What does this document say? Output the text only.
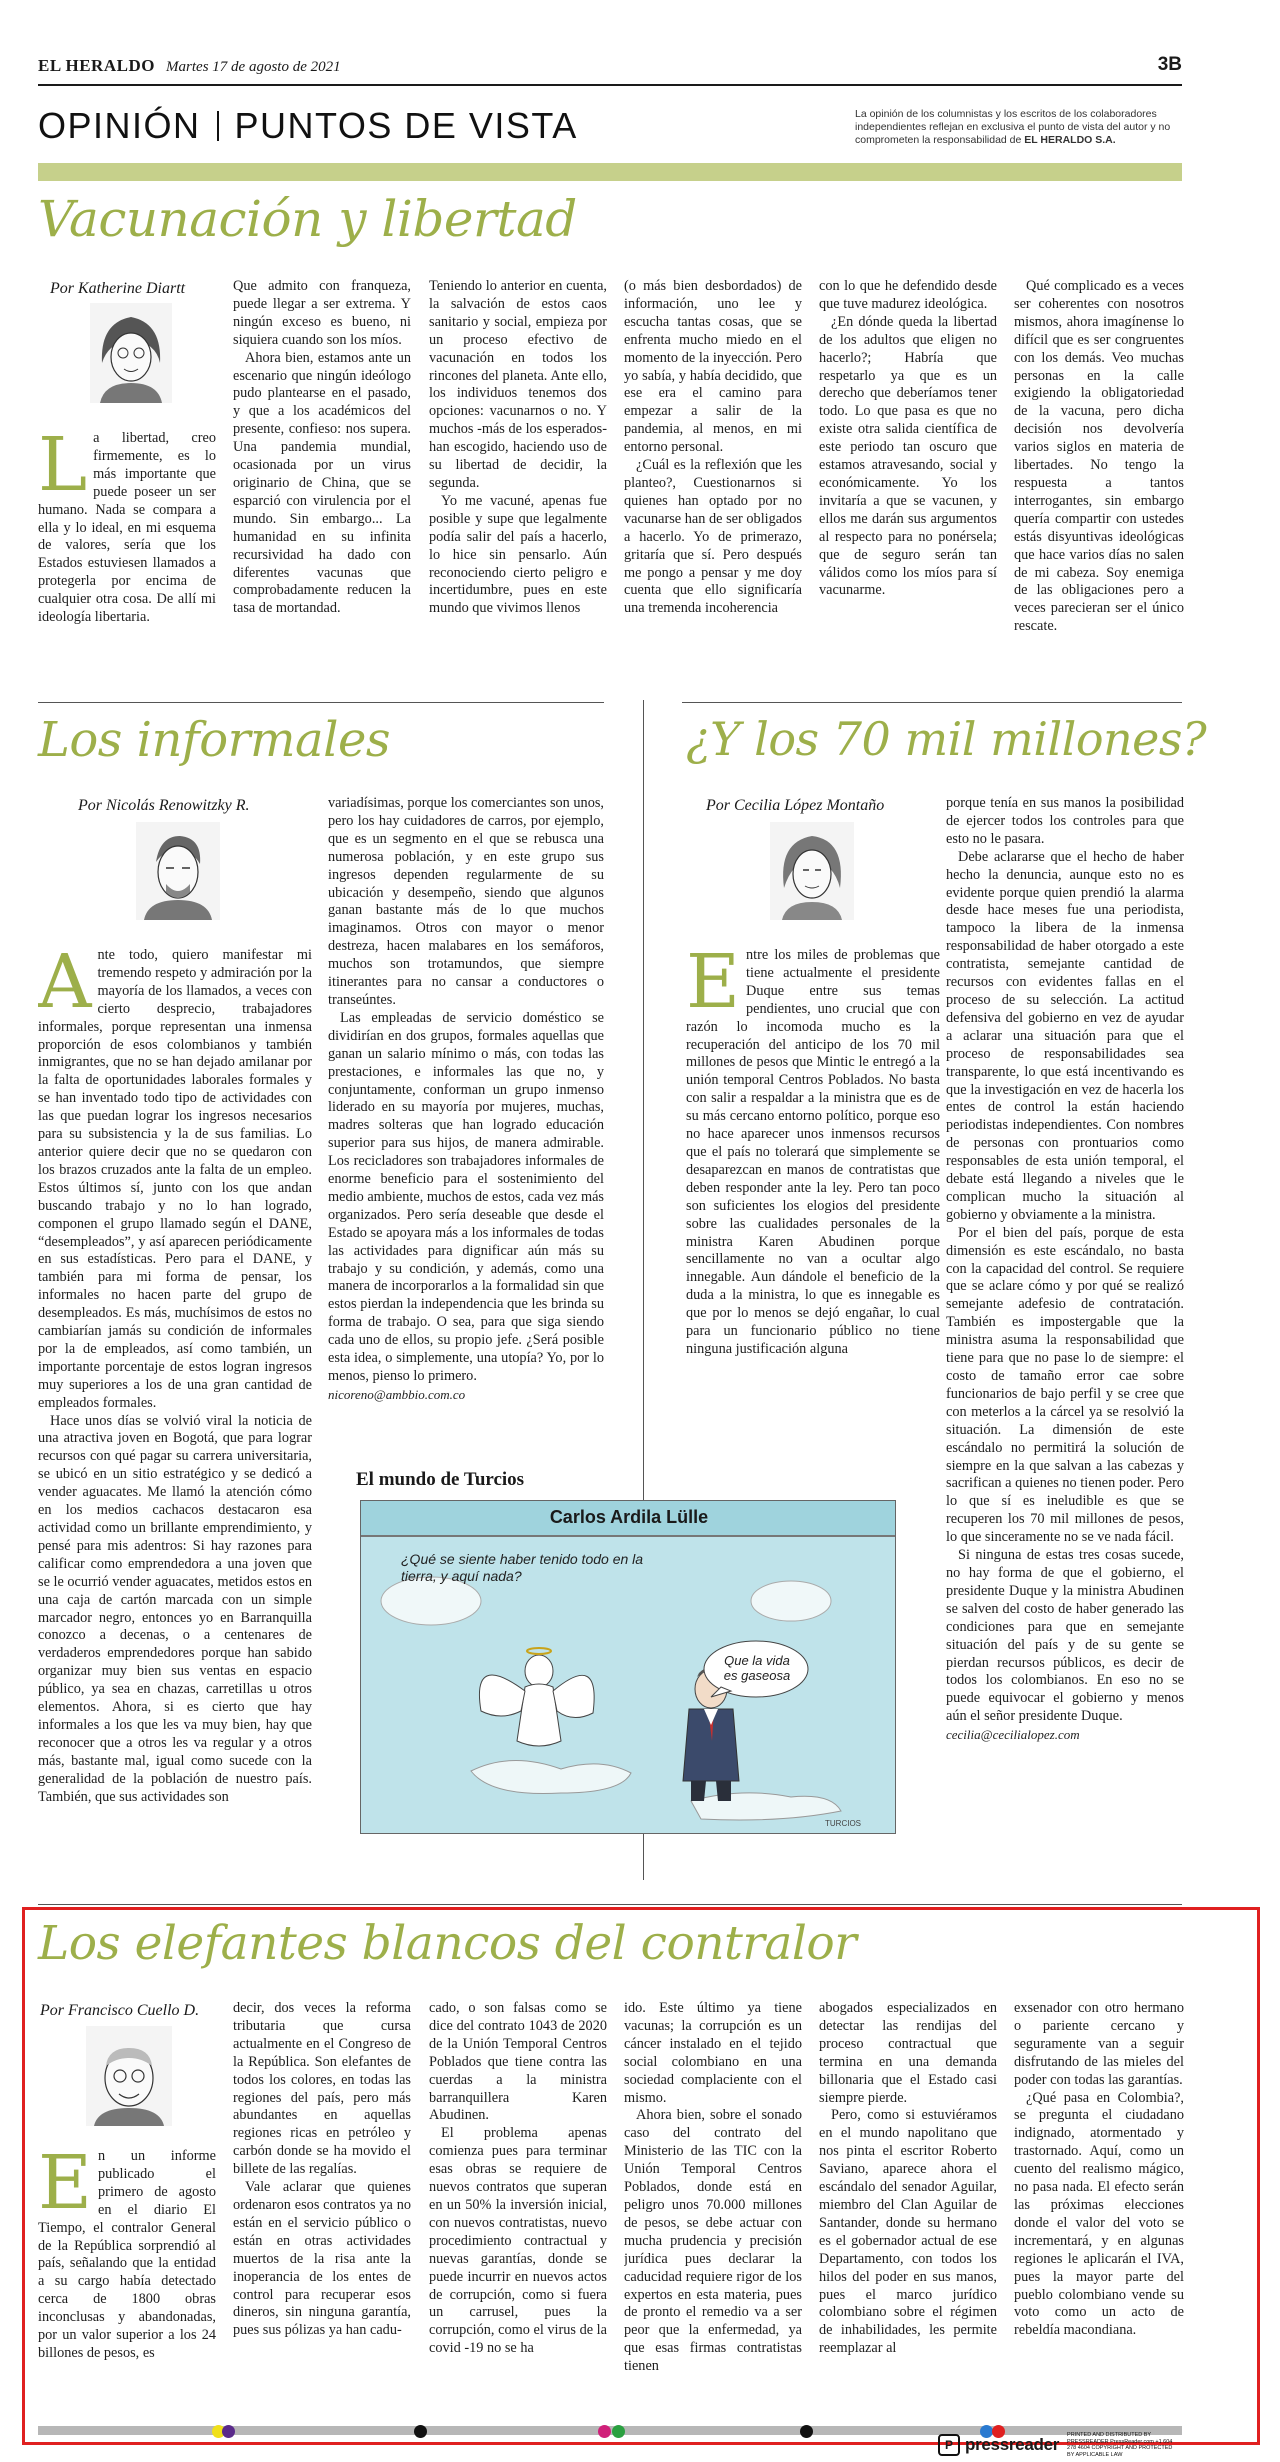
EL HERALDO Martes 17 de agosto de 2021	3B
OPINIÓN PUNTOS DE VISTA	La opinión de los columnistas y los escritos de los colaboradores independientes reflejan en exclusiva el punto de vista del autor y no comprometen la responsabilidad de EL HERALDO S.A.
Vacunación y libertad
Por Katherine Diartt
L a libertad, creo firmemente, es lo más importante que puede poseer un ser humano. Nada se compara a ella y lo ideal, en mi esquema de valores, sería que los Estados estuviesen llamados a protegerla por encima de cualquier otra cosa. De allí mi ideología libertaria.

Que admito con franqueza, puede llegar a ser extrema. Y ningún exceso es bueno, ni siquiera cuando son los míos.

Ahora bien, estamos ante un escenario que ningún ideólogo pudo plantearse en el pasado, y que a los académicos del presente, confieso: nos supera. Una pandemia mundial, ocasionada por un virus originario de China, que se esparció con virulencia por el mundo. Sin embargo... La humanidad en su infinita recursividad ha dado con diferentes vacunas que comprobadamente reducen la tasa de mortandad.

Teniendo lo anterior en cuenta, la salvación de estos caos sanitario y social, empieza por un proceso efectivo de vacunación en todos los rincones del planeta. Ante ello, los individuos tenemos dos opciones: vacunarnos o no. Y muchos -más de los esperados- han escogido, haciendo uso de su libertad de decidir, la segunda.

Yo me vacuné, apenas fue posible y supe que legalmente podía salir del país a hacerlo, lo hice sin pensarlo. Aún reconociendo cierto peligro e incertidumbre, pues en este mundo que vivimos llenos

(o más bien desbordados) de información, uno lee y escucha tantas cosas, que se enfrenta mucho miedo en el momento de la inyección. Pero yo sabía, y había decidido, que ese era el camino para empezar a salir de la pandemia, al menos, en mi entorno personal.

¿Cuál es la reflexión que les planteo?, Cuestionarnos si quienes han optado por no vacunarse han de ser obligados a hacerlo. Yo de primerazo, gritaría que sí. Pero después me pongo a pensar y me doy cuenta que ello significaría una tremenda incoherencia

con lo que he defendido desde que tuve madurez ideológica.

¿En dónde queda la libertad de los adultos que eligen no hacerlo?; Habría que respetarlo ya que es un derecho que deberíamos tener todo. Lo que pasa es que no existe otra salida científica de este periodo tan oscuro que estamos atravesando, social y económicamente. Yo los invitaría a que se vacunen, y ellos me darán sus argumentos al respecto para no ponérsela; que de seguro serán tan válidos como los míos para sí vacunarme.

Qué complicado es a veces ser coherentes con nosotros mismos, ahora imagínense lo difícil que es ser congruentes con los demás. Veo muchas personas en la calle exigiendo la obligatoriedad de la vacuna, pero dicha decisión nos devolvería varios siglos en materia de libertades. No tengo la respuesta a tantos interrogantes, sin embargo quería compartir con ustedes estás disyuntivas ideológicas que hace varios días no salen de mi cabeza. Soy enemiga de las obligaciones pero a veces parecieran ser el único rescate.

Los informales
Por Nicolás Renowitzky R.
A nte todo, quiero manifestar mi tremendo respeto y admiración por la mayoría de los llamados, a veces con cierto desprecio, trabajadores informales, porque representan una inmensa proporción de esos colombianos y también inmigrantes, que no se han dejado amilanar por la falta de oportunidades laborales formales y se han inventado todo tipo de actividades con las que puedan lograr los ingresos necesarios para su subsistencia y la de sus familias. Lo anterior quiere decir que no se quedaron con los brazos cruzados ante la falta de un empleo. Estos últimos sí, junto con los que andan buscando trabajo y no lo han logrado, componen el grupo llamado según el DANE, “desempleados”, y así aparecen periódicamente en sus estadísticas. Pero para el DANE, y también para mi forma de pensar, los informales no hacen parte del grupo de desempleados. Es más, muchísimos de estos no cambiarían jamás su condición de informales por la de empleados, así como también, un importante porcentaje de estos logran ingresos muy superiores a los de una gran cantidad de empleados formales.

Hace unos días se volvió viral la noticia de una atractiva joven en Bogotá, que para lograr recursos con qué pagar su carrera universitaria, se ubicó en un sitio estratégico y se dedicó a vender aguacates. Me llamó la atención cómo en los medios cachacos destacaron esa actividad como un brillante emprendimiento, y pensé para mis adentros: Si hay razones para calificar como emprendedora a una joven que se le ocurrió vender aguacates, metidos estos en una caja de cartón marcada con un simple marcador negro, entonces yo en Barranquilla conozco a decenas, o a centenares de verdaderos emprendedores porque han sabido organizar muy bien sus ventas en espacio público, ya sea en chazas, carretillas u otros elementos. Ahora, si es cierto que hay informales a los que les va muy bien, hay que reconocer que a otros les va regular y a otros más, bastante mal, igual como sucede con la generalidad de la población de nuestro país. También, que sus actividades son

variadísimas, porque los comerciantes son unos, pero los hay cuidadores de carros, por ejemplo, que es un segmento en el que se rebusca una numerosa población, y en este grupo sus ingresos dependen regularmente de su ubicación y desempeño, siendo que algunos ganan bastante más de lo que muchos imaginamos. Otros con mayor o menor destreza, hacen malabares en los semáforos, muchos son trotamundos, que siempre itinerantes para no cansar a conductores o transeúntes.

Las empleadas de servicio doméstico se dividirían en dos grupos, formales aquellas que ganan un salario mínimo o más, con todas las prestaciones, e informales las que no, y conjuntamente, conforman un grupo inmenso liderado en su mayoría por mujeres, muchas, madres solteras que han logrado educación superior para sus hijos, de manera admirable. Los recicladores son trabajadores informales de enorme beneficio para el sostenimiento del medio ambiente, muchos de estos, cada vez más organizados. Pero sería deseable que desde el Estado se apoyara más a los informales de todas las actividades para dignificar aún más su trabajo y su condición, y además, como una manera de incorporarlos a la formalidad sin que estos pierdan la independencia que les brinda su forma de trabajo. O sea, para que siga siendo cada uno de ellos, su propio jefe. ¿Será posible esta idea, o simplemente, una utopía? Yo, por lo menos, pienso lo primero.

nicoreno@ambbio.com.co

El mundo de Turcios
Carlos Ardila Lülle
¿Qué se siente haber tenido todo en la tierra, y aquí nada?
Que la vida es gaseosa
TURCIOS
¿Y los 70 mil millones?
Por Cecilia López Montaño
E ntre los miles de problemas que tiene actualmente el presidente Duque entre sus temas pendientes, uno crucial que con razón lo incomoda mucho es la recuperación del anticipo de los 70 mil millones de pesos que Mintic le entregó a la unión temporal Centros Poblados. No basta con salir a respaldar a la ministra que es de su más cercano entorno político, porque eso no hace aparecer unos inmensos recursos que el país no tolerará que simplemente se desaparezcan en manos de contratistas que deben responder ante la ley. Pero tan poco son suficientes los elogios del presidente sobre las cualidades personales de la ministra Karen Abudinen porque sencillamente no van a ocultar algo innegable. Aun dándole el beneficio de la duda a la ministra, lo que es innegable es que por lo menos se dejó engañar, lo cual para un funcionario público no tiene ninguna justificación alguna

porque tenía en sus manos la posibilidad de ejercer todos los controles para que esto no le pasara.

Debe aclararse que el hecho de haber hecho la denuncia, aunque esto no es evidente porque quien prendió la alarma desde hace meses fue una periodista, tampoco la libera de la inmensa responsabilidad de haber otorgado a este contratista, semejante cantidad de recursos con evidentes fallas en el proceso de su selección. La actitud defensiva del gobierno en vez de ayudar a aclarar una situación para que el proceso de responsabilidades sea transparente, lo que está incentivando es que la investigación en vez de hacerla los entes de control la están haciendo periodistas independientes. Con nombres de personas con prontuarios como responsables de esta unión temporal, el debate está llegando a niveles que le complican mucho la situación al gobierno y obviamente a la ministra.

Por el bien del país, porque de esta dimensión es este escándalo, no basta con la capacidad del control. Se requiere que se aclare cómo y por qué se realizó semejante adefesio de contratación. También es impostergable que la ministra asuma la responsabilidad que tiene para que no pase lo de siempre: el costo de tamaño error cae sobre funcionarios de bajo perfil y se cree que con meterlos a la cárcel ya se resolvió la situación. La dimensión de este escándalo no permitirá la solución de siempre en la que salvan a las cabezas y sacrifican a quienes no tienen poder. Pero lo que sí es ineludible es que se recuperen los 70 mil millones de pesos, lo que sinceramente no se ve nada fácil.

Si ninguna de estas tres cosas sucede, no hay forma de que el gobierno, el presidente Duque y la ministra Abudinen se salven del costo de haber generado las condiciones para que en semejante situación del país y de su gente se pierdan recursos públicos, es decir de todos los colombianos. En eso no se puede equivocar el gobierno y menos aún el señor presidente Duque.

cecilia@cecilialopez.com

Los elefantes blancos del contralor
Por Francisco Cuello D.
E n un informe publicado el primero de agosto en el diario El Tiempo, el contralor General de la República sorprendió al país, señalando que la entidad a su cargo había detectado cerca de 1800 obras inconclusas y abandonadas, por un valor superior a los 24 billones de pesos, es

decir, dos veces la reforma tributaria que cursa actualmente en el Congreso de la República. Son elefantes de todos los colores, en todas las regiones del país, pero más abundantes en aquellas regiones ricas en petróleo y carbón donde se ha movido el billete de las regalías.

Vale aclarar que quienes ordenaron esos contratos ya no están en el servicio público o están en otras actividades muertos de la risa ante la inoperancia de los entes de control para recuperar esos dineros, sin ninguna garantía, pues sus pólizas ya han cadu-

cado, o son falsas como se dice del contrato 1043 de 2020 de la Unión Temporal Centros Poblados que tiene contra las cuerdas a la ministra barranquillera Karen Abudinen.

El problema apenas comienza pues para terminar esas obras se requiere de nuevos contratos que superan en un 50% la inversión inicial, con nuevos contratistas, nuevo procedimiento contractual y nuevas garantías, donde se puede incurrir en nuevos actos de corrupción, como si fuera un carrusel, pues la corrupción, como el virus de la covid -19 no se ha

ido. Este último ya tiene vacunas; la corrupción es un cáncer instalado en el tejido social colombiano en una sociedad complaciente con el mismo.

Ahora bien, sobre el sonado caso del contrato del Ministerio de las TIC con la Unión Temporal Centros Poblados, donde está en peligro unos 70.000 millones de pesos, se debe actuar con mucha prudencia y precisión jurídica pues declarar la caducidad requiere rigor de los expertos en esta materia, pues de pronto el remedio va a ser peor que la enfermedad, ya que esas firmas contratistas tienen

abogados especializados en detectar las rendijas del proceso contractual que termina en una demanda billonaria que el Estado casi siempre pierde.

Pero, como si estuviéramos en el mundo napolitano que nos pinta el escritor Roberto Saviano, aparece ahora el escándalo del senador Aguilar, miembro del Clan Aguilar de Santander, donde su hermano es el gobernador actual de ese Departamento, con todos los hilos del poder en sus manos, pues el marco jurídico colombiano sobre el régimen de inhabilidades, les permite reemplazar al

exsenador con otro hermano o pariente cercano y seguramente van a seguir disfrutando de las mieles del poder con todas las garantías.

¿Qué pasa en Colombia?, se pregunta el ciudadano indignado, atormentado y trastornado. Aquí, como un cuento del realismo mágico, no pasa nada. El efecto serán las próximas elecciones donde el valor del voto se incrementará, y en algunas regiones le aplicarán el IVA, pues la mayor parte del pueblo colombiano vende su voto como un acto de rebeldía macondiana.

P pressreader PRINTED AND DISTRIBUTED BY PRESSREADER PressReader.com +1 604 278 4604 COPYRIGHT AND PROTECTED BY APPLICABLE LAW
